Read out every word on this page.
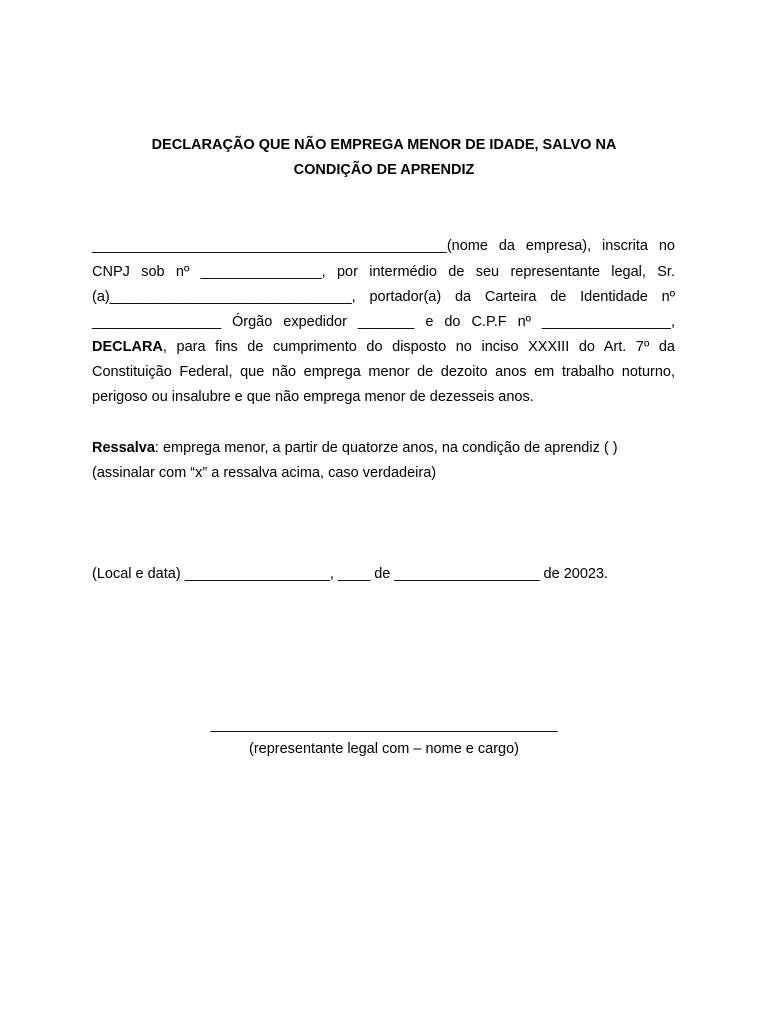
DECLARAÇÃO QUE NÃO EMPREGA MENOR DE IDADE, SALVO NA
CONDIÇÃO DE APRENDIZ
____________________________________________(nome da empresa), inscrita no
CNPJ sob nº _______________, por intermédio de seu representante legal, Sr.
(a)______________________________, portador(a) da Carteira de Identidade nº
________________ Órgão expedidor _______ e do C.P.F nº ________________,
DECLARA, para fins de cumprimento do disposto no inciso XXXIII do Art. 7º da
Constituição Federal, que não emprega menor de dezoito anos em trabalho noturno,
perigoso ou insalubre e que não emprega menor de dezesseis anos.
Ressalva: emprega menor, a partir de quatorze anos, na condição de aprendiz ( )
(assinalar com “x” a ressalva acima, caso verdadeira)
(Local e data) __________________, ____ de __________________ de 20023.
___________________________________________
(representante legal com – nome e cargo)
